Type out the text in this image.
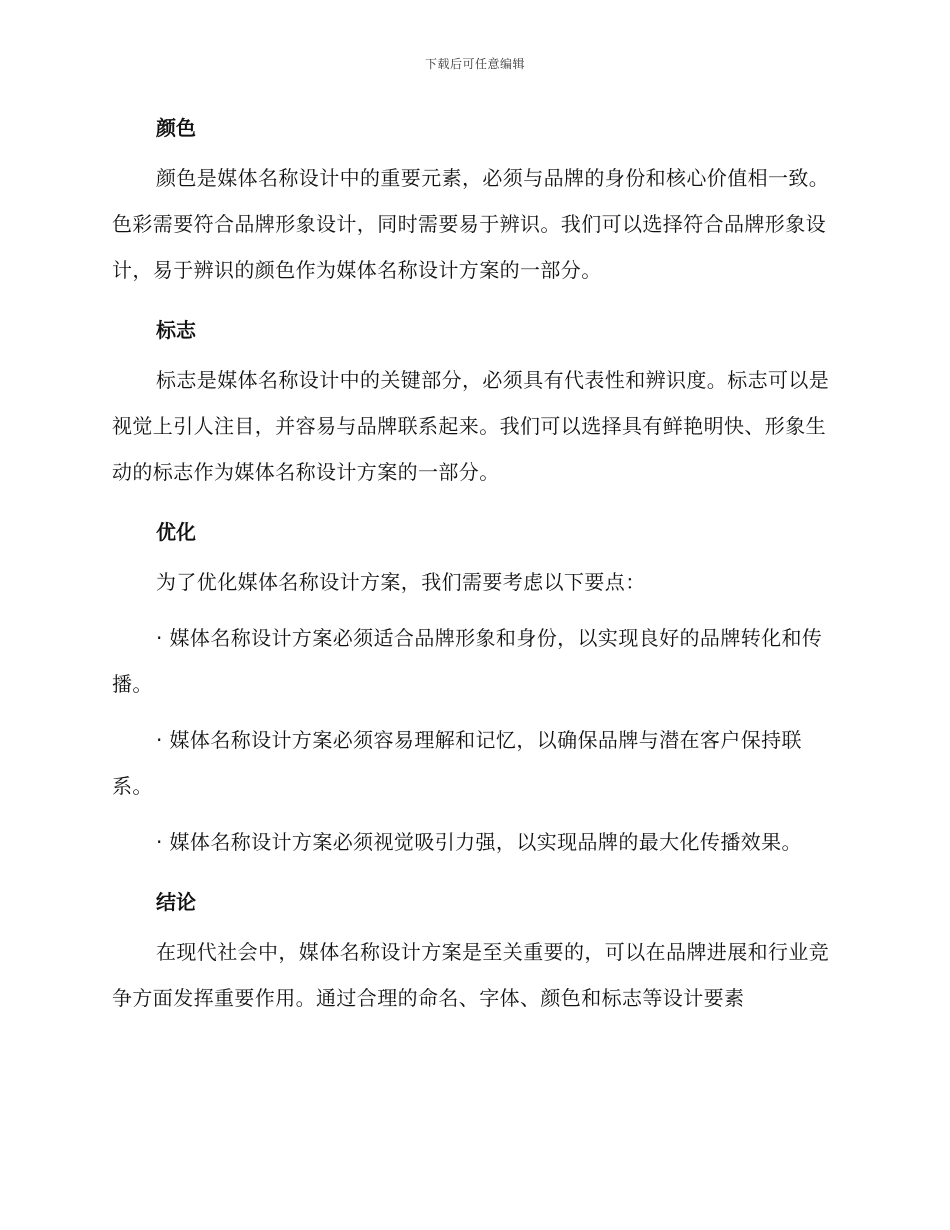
下载后可任意编辑
颜色

颜色是媒体名称设计中的重要元素，必须与品牌的身份和核心价值相一致。色彩需要符合品牌形象设计，同时需要易于辨识。我们可以选择符合品牌形象设计，易于辨识的颜色作为媒体名称设计方案的一部分。

标志

标志是媒体名称设计中的关键部分，必须具有代表性和辨识度。标志可以是视觉上引人注目，并容易与品牌联系起来。我们可以选择具有鲜艳明快、形象生动的标志作为媒体名称设计方案的一部分。

优化

为了优化媒体名称设计方案，我们需要考虑以下要点：

· 媒体名称设计方案必须适合品牌形象和身份，以实现良好的品牌转化和传播。

· 媒体名称设计方案必须容易理解和记忆，以确保品牌与潜在客户保持联系。

· 媒体名称设计方案必须视觉吸引力强，以实现品牌的最大化传播效果。

结论

在现代社会中，媒体名称设计方案是至关重要的，可以在品牌进展和行业竞争方面发挥重要作用。通过合理的命名、字体、颜色和标志等设计要素
